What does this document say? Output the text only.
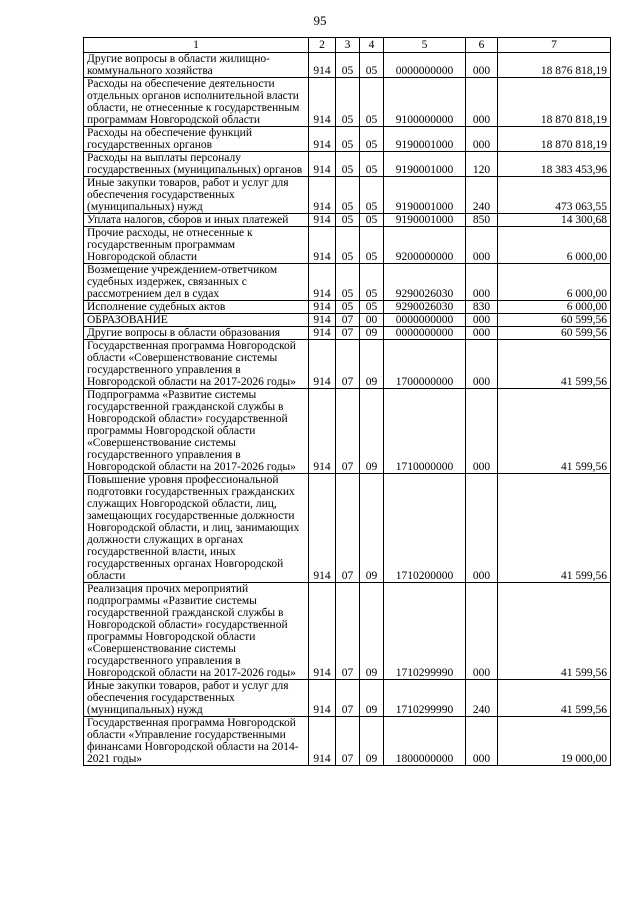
95
1	2	3	4	5	6	7
Другие вопросы в области жилищно-коммунального хозяйства	914	05	05	0000000000	000	18 876 818,19
Расходы на обеспечение деятельности отдельных органов исполнительной власти области, не отнесенные к государственным программам Новгородской области	914	05	05	9100000000	000	18 870 818,19
Расходы на обеспечение функций государственных органов	914	05	05	9190001000	000	18 870 818,19
Расходы на выплаты персоналу государственных (муниципальных) органов	914	05	05	9190001000	120	18 383 453,96
Иные закупки товаров, работ и услуг для обеспечения государственных (муниципальных) нужд	914	05	05	9190001000	240	473 063,55
Уплата налогов, сборов и иных платежей	914	05	05	9190001000	850	14 300,68
Прочие расходы, не отнесенные к государственным программам Новгородской области	914	05	05	9200000000	000	6 000,00
Возмещение учреждением-ответчиком судебных издержек, связанных с рассмотрением дел в судах	914	05	05	9290026030	000	6 000,00
Исполнение судебных актов	914	05	05	9290026030	830	6 000,00
ОБРАЗОВАНИЕ	914	07	00	0000000000	000	60 599,56
Другие вопросы в области образования	914	07	09	0000000000	000	60 599,56
Государственная программа Новгородской области «Совершенствование системы государственного управления в Новгородской области на 2017-2026 годы»	914	07	09	1700000000	000	41 599,56
Подпрограмма «Развитие системы государственной гражданской службы в Новгородской области» государственной программы Новгородской области «Совершенствование системы государственного управления в Новгородской области на 2017-2026 годы»	914	07	09	1710000000	000	41 599,56
Повышение уровня профессиональной подготовки государственных гражданских служащих Новгородской области, лиц, замещающих государственные должности Новгородской области, и лиц, занимающих должности служащих в органах государственной власти, иных государственных органах Новгородской области	914	07	09	1710200000	000	41 599,56
Реализация прочих мероприятий подпрограммы «Развитие системы государственной гражданской службы в Новгородской области» государственной программы Новгородской области «Совершенствование системы государственного управления в Новгородской области на 2017-2026 годы»	914	07	09	1710299990	000	41 599,56
Иные закупки товаров, работ и услуг для обеспечения государственных (муниципальных) нужд	914	07	09	1710299990	240	41 599,56
Государственная программа Новгородской области «Управление государственными финансами Новгородской области на 2014-2021 годы»	914	07	09	1800000000	000	19 000,00
